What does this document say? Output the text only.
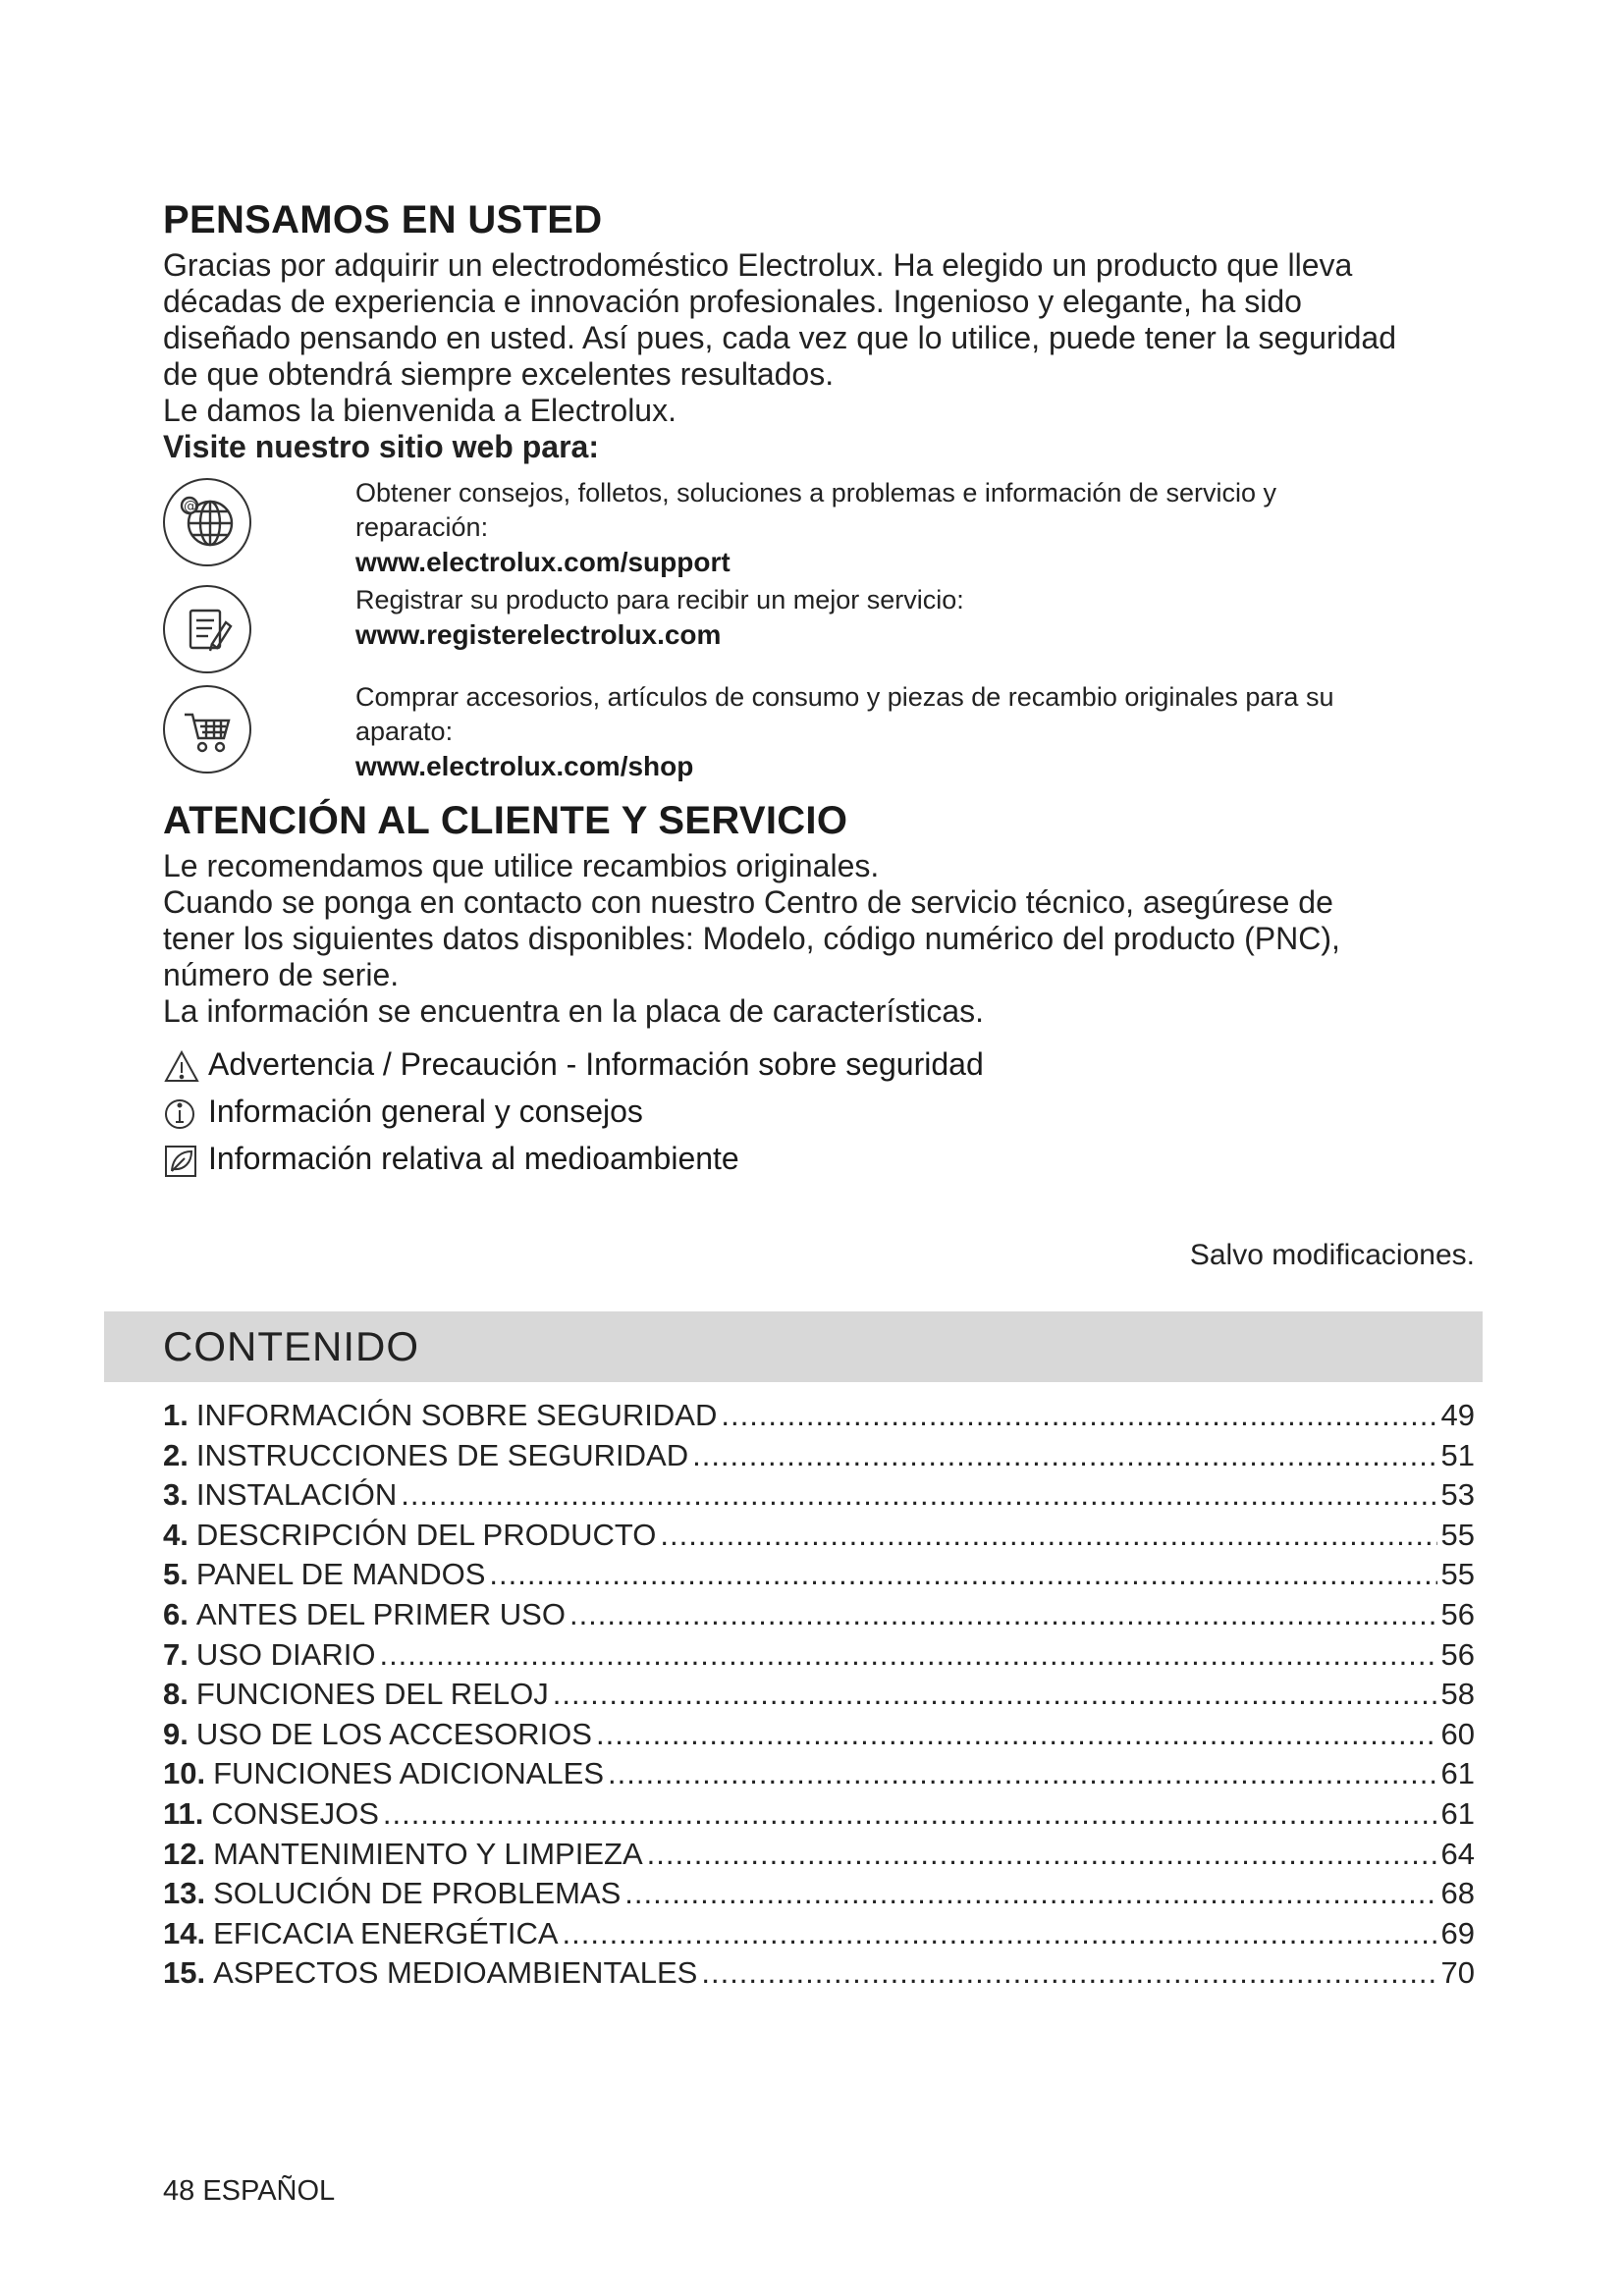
PENSAMOS EN USTED
Gracias por adquirir un electrodoméstico Electrolux. Ha elegido un producto que lleva
décadas de experiencia e innovación profesionales. Ingenioso y elegante, ha sido
diseñado pensando en usted. Así pues, cada vez que lo utilice, puede tener la seguridad
de que obtendrá siempre excelentes resultados.
Le damos la bienvenida a Electrolux.
Visite nuestro sitio web para:
@	Obtener consejos, folletos, soluciones a problemas e información de servicio y
reparación:
www.electrolux.com/support
Registrar su producto para recibir un mejor servicio:
www.registerelectrolux.com
Comprar accesorios, artículos de consumo y piezas de recambio originales para su
aparato:
www.electrolux.com/shop
ATENCIÓN AL CLIENTE Y SERVICIO
Le recomendamos que utilice recambios originales.
Cuando se ponga en contacto con nuestro Centro de servicio técnico, asegúrese de
tener los siguientes datos disponibles: Modelo, código numérico del producto (PNC),
número de serie.
La información se encuentra en la placa de características.
Advertencia / Precaución - Información sobre seguridad
Información general y consejos
Información relativa al medioambiente
Salvo modificaciones.
CONTENIDO
1. INFORMACIÓN SOBRE SEGURIDAD .....	49
2. INSTRUCCIONES DE SEGURIDAD .....	51
3. INSTALACIÓN .....	53
4. DESCRIPCIÓN DEL PRODUCTO .....	55
5. PANEL DE MANDOS .....	55
6. ANTES DEL PRIMER USO .....	56
7. USO DIARIO .....	56
8. FUNCIONES DEL RELOJ .....	58
9. USO DE LOS ACCESORIOS .....	60
10. FUNCIONES ADICIONALES .....	61
11. CONSEJOS .....	61
12. MANTENIMIENTO Y LIMPIEZA .....	64
13. SOLUCIÓN DE PROBLEMAS .....	68
14. EFICACIA ENERGÉTICA .....	69
15. ASPECTOS MEDIOAMBIENTALES .....	70
48 ESPAÑOL
